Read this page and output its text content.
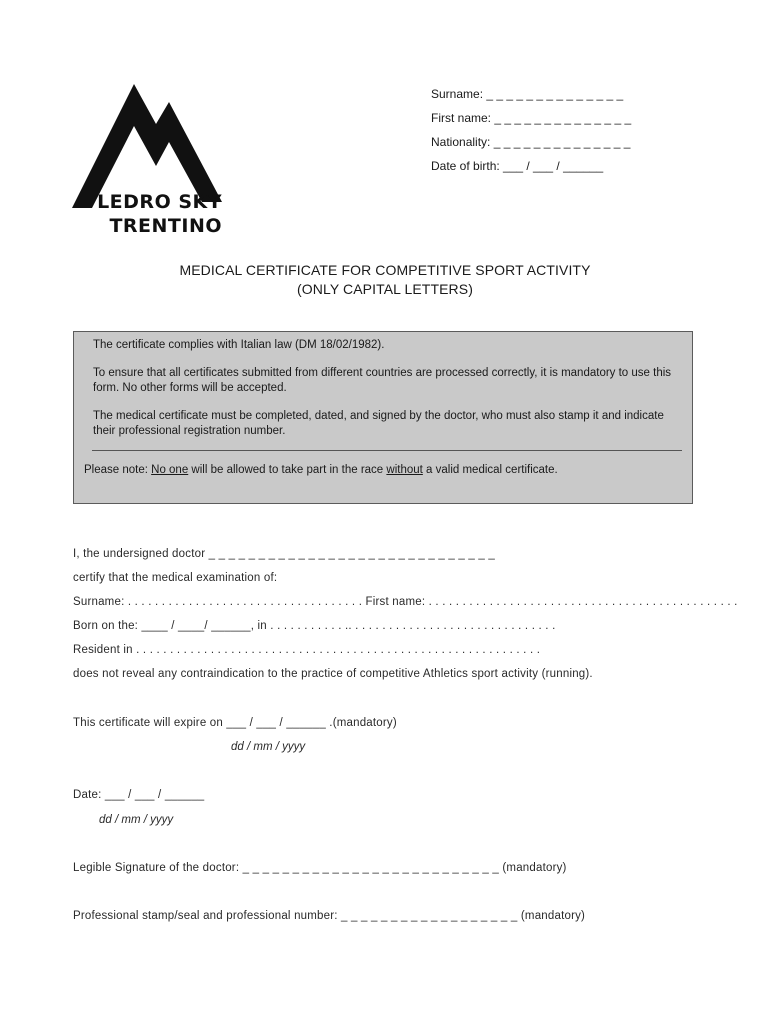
LEDRO SKY
TRENTINO
Surname: _ _ _ _ _ _ _ _ _ _ _ _ _ _
First name: _ _ _ _ _ _ _ _ _ _ _ _ _ _
Nationality: _ _ _ _ _ _ _ _ _ _ _ _ _ _
Date of birth: ___ / ___ / ______
MEDICAL CERTIFICATE FOR COMPETITIVE SPORT ACTIVITY
(ONLY CAPITAL LETTERS)

The certificate complies with Italian law (DM 18/02/1982).

To ensure that all certificates submitted from different countries are processed correctly, it is mandatory to use this form. No other forms will be accepted.

The medical certificate must be completed, dated, and signed by the doctor, who must also stamp it and indicate their professional registration number.

Please note: No one will be allowed to take part in the race without a valid medical certificate.

I, the undersigned doctor _ _ _ _ _ _ _ _ _ _ _ _ _ _ _ _ _ _ _ _ _ _ _ _ _ _ _ _ _
certify that the medical examination of:
Surname: . . . . . . . . . . . . . . . . . . . . . . . . . . . . . . . . . . . First name: . . . . . . . . . . . . . . . . . . . . . . . . . . . . . . . . . . . . . . . . . . . . . .
Born on the: ____ / ____/ ______, in . . . . . . . . . . . .. . . . . . . . . . . . . . . . . . . . . . . . . . . . . . .
Resident in . . . . . . . . . . . . . . . . . . . . . . . . . . . . . . . . . . . . . . . . . . . . . . . . . . . . . . . . . . . .
does not reveal any contraindication to the practice of competitive Athletics sport activity (running).
This certificate will expire on ___ / ___ / ______ .(mandatory)
dd / mm / yyyy
Date: ___ / ___ / ______
dd / mm / yyyy
Legible Signature of the doctor: _ _ _ _ _ _ _ _ _ _ _ _ _ _ _ _ _ _ _ _ _ _ _ _ _ _ (mandatory)
Professional stamp/seal and professional number: _ _ _ _ _ _ _ _ _ _ _ _ _ _ _ _ _ _ (mandatory)
